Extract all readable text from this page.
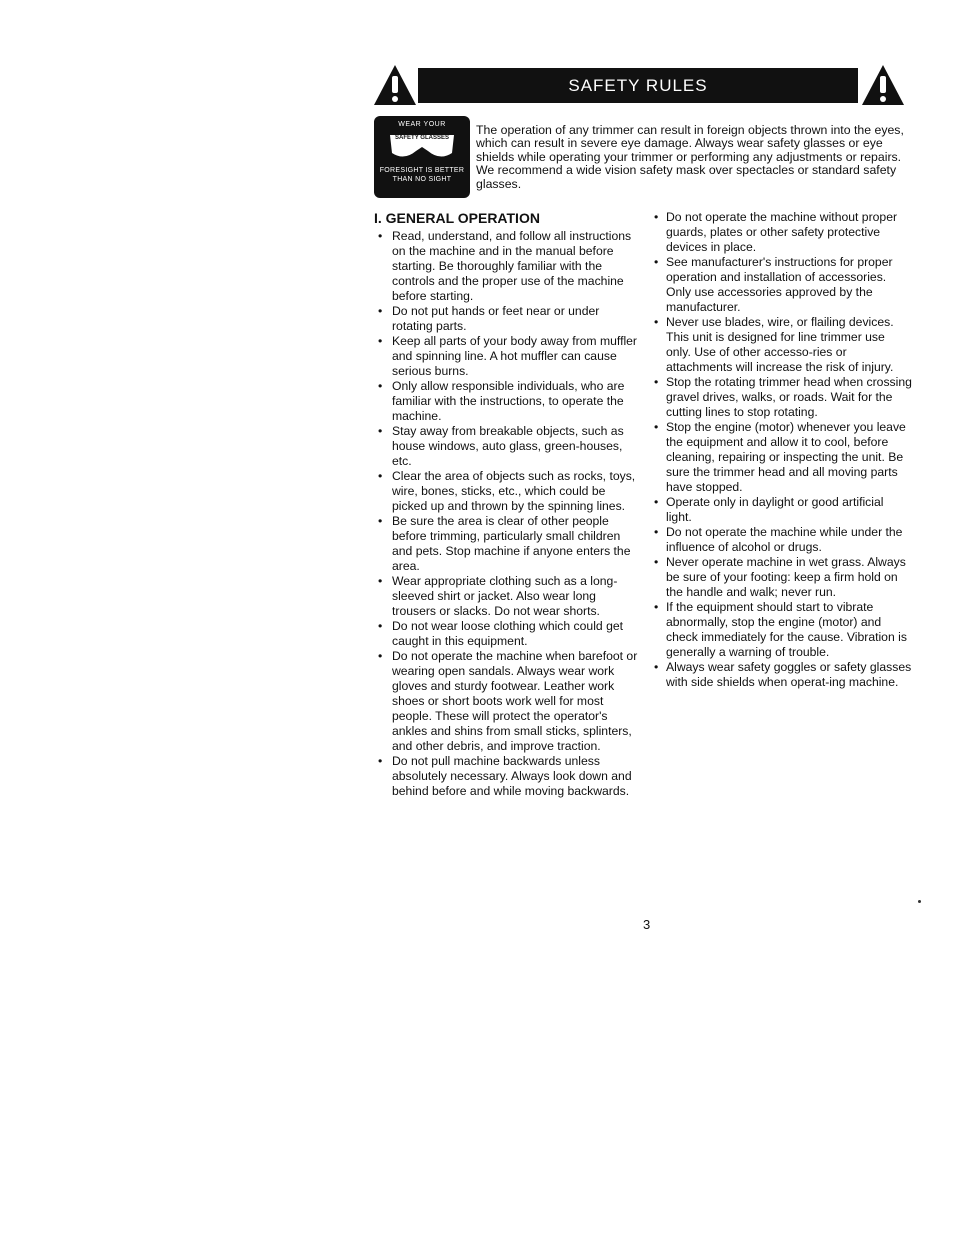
SAFETY RULES
WEAR YOUR
SAFETY GLASSES
FORESIGHT IS BETTER
THAN NO SIGHT

The operation of any trimmer can result in foreign objects thrown into the eyes, which can result in severe eye damage. Always wear safety glasses or eye shields while operating your trimmer or performing any adjustments or repairs. We recommend a wide vision safety mask over spectacles or standard safety glasses.

I. GENERAL OPERATION
• Read, understand, and follow all instructions on the machine and in the manual before starting. Be thoroughly familiar with the controls and the proper use of the machine before starting.
• Do not put hands or feet near or under rotating parts.
• Keep all parts of your body away from muffler and spinning line. A hot muffler can cause serious burns.
• Only allow responsible individuals, who are familiar with the instructions, to operate the machine.
• Stay away from breakable objects, such as house windows, auto glass, green-houses, etc.
• Clear the area of objects such as rocks, toys, wire, bones, sticks, etc., which could be picked up and thrown by the spinning lines.
• Be sure the area is clear of other people before trimming, particularly small children and pets. Stop machine if anyone enters the area.
• Wear appropriate clothing such as a long-sleeved shirt or jacket. Also wear long trousers or slacks. Do not wear shorts.
• Do not wear loose clothing which could get caught in this equipment.
• Do not operate the machine when barefoot or wearing open sandals. Always wear work gloves and sturdy footwear. Leather work shoes or short boots work well for most people. These will protect the operator's ankles and shins from small sticks, splinters, and other debris, and improve traction.
• Do not pull machine backwards unless absolutely necessary. Always look down and behind before and while moving backwards.
• Do not operate the machine without proper guards, plates or other safety protective devices in place.
• See manufacturer's instructions for proper operation and installation of accessories. Only use accessories approved by the manufacturer.
• Never use blades, wire, or flailing devices. This unit is designed for line trimmer use only. Use of other accesso-ries or attachments will increase the risk of injury.
• Stop the rotating trimmer head when crossing gravel drives, walks, or roads. Wait for the cutting lines to stop rotating.
• Stop the engine (motor) whenever you leave the equipment and allow it to cool, before cleaning, repairing or inspecting the unit. Be sure the trimmer head and all moving parts have stopped.
• Operate only in daylight or good artificial light.
• Do not operate the machine while under the influence of alcohol or drugs.
• Never operate machine in wet grass. Always be sure of your footing: keep a firm hold on the handle and walk; never run.
• If the equipment should start to vibrate abnormally, stop the engine (motor) and check immediately for the cause. Vibration is generally a warning of trouble.
• Always wear safety goggles or safety glasses with side shields when operat-ing machine.
3
